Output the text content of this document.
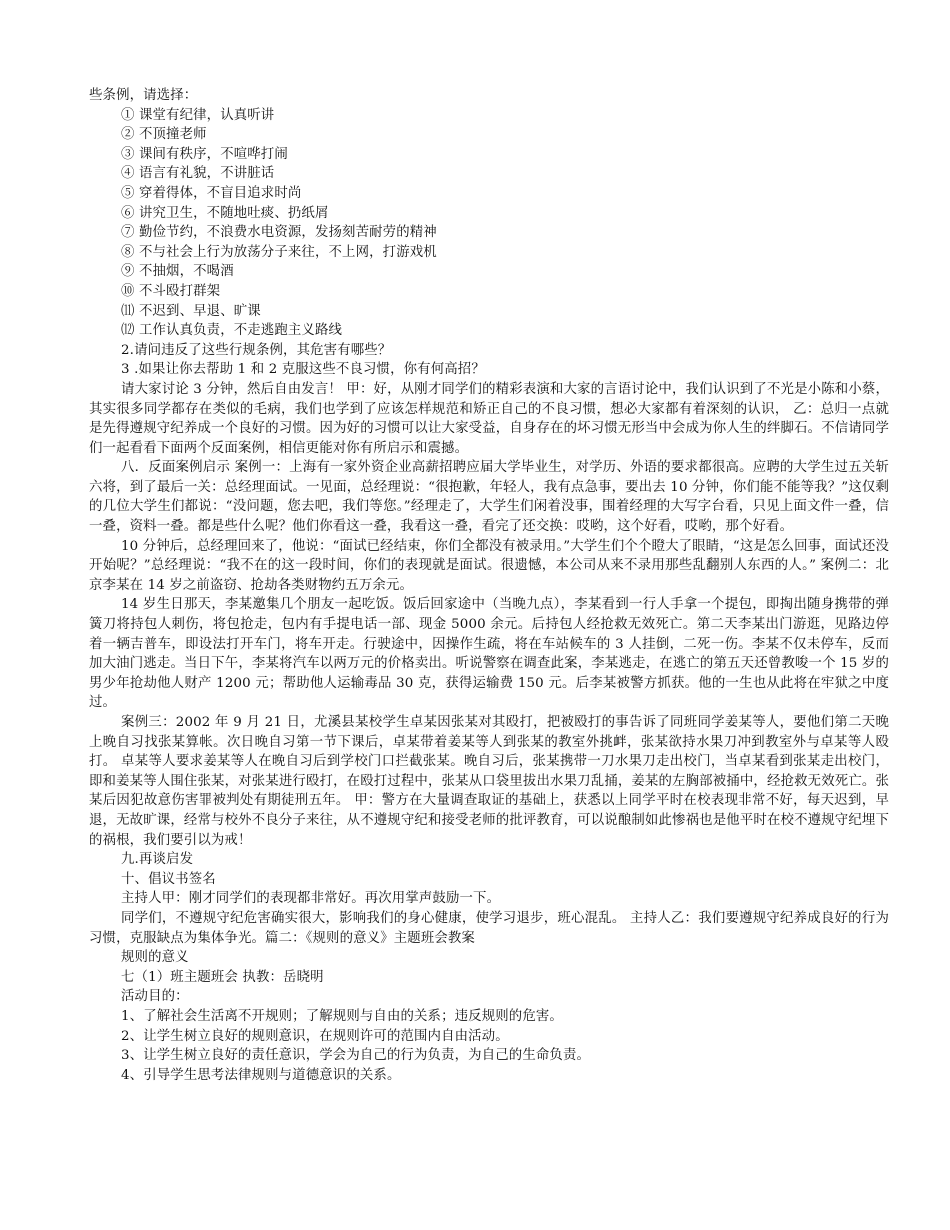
些条例，请选择：

① 课堂有纪律，认真听讲

② 不顶撞老师

③ 课间有秩序，不喧哗打闹

④ 语言有礼貌，不讲脏话

⑤ 穿着得体，不盲目追求时尚

⑥ 讲究卫生，不随地吐痰、扔纸屑

⑦ 勤俭节约，不浪费水电资源，发扬刻苦耐劳的精神

⑧ 不与社会上行为放荡分子来往，不上网，打游戏机

⑨ 不抽烟，不喝酒

⑩ 不斗殴打群架

⑾ 不迟到、早退、旷课

⑿ 工作认真负责，不走逃跑主义路线

2.请问违反了这些行规条例，其危害有哪些？

3 .如果让你去帮助 1 和 2 克服这些不良习惯，你有何高招？

请大家讨论 3 分钟，然后自由发言！ 甲：好，从刚才同学们的精彩表演和大家的言语讨论中，我们认识到了不光是小陈和小蔡，其实很多同学都存在类似的毛病，我们也学到了应该怎样规范和矫正自己的不良习惯，想必大家都有着深刻的认识， 乙：总归一点就是先得遵规守纪养成一个良好的习惯。因为好的习惯可以让大家受益，自身存在的坏习惯无形当中会成为你人生的绊脚石。不信请同学们一起看看下面两个反面案例，相信更能对你有所启示和震撼。

八．反面案例启示 案例一：上海有一家外资企业高薪招聘应届大学毕业生，对学历、外语的要求都很高。应聘的大学生过五关斩六将，到了最后一关：总经理面试。一见面，总经理说：“很抱歉，年轻人，我有点急事，要出去 10 分钟，你们能不能等我？”这仅剩的几位大学生们都说：“没问题，您去吧，我们等您。”经理走了，大学生们闲着没事，围着经理的大写字台看，只见上面文件一叠，信一叠，资料一叠。都是些什么呢？他们你看这一叠，我看这一叠，看完了还交换：哎哟，这个好看，哎哟，那个好看。

10 分钟后，总经理回来了，他说：“面试已经结束，你们全都没有被录用。”大学生们个个瞪大了眼睛，“这是怎么回事，面试还没开始呢？”总经理说：“我不在的这一段时间，你们的表现就是面试。很遗憾，本公司从来不录用那些乱翻别人东西的人。” 案例二：北京李某在 14 岁之前盗窃、抢劫各类财物约五万余元。

14 岁生日那天，李某邀集几个朋友一起吃饭。饭后回家途中（当晚九点），李某看到一行人手拿一个提包，即掏出随身携带的弹簧刀将持包人刺伤，将包抢走，包内有手提电话一部、现金 5000 余元。后持包人经抢救无效死亡。第二天李某出门游逛，见路边停着一辆吉普车，即设法打开车门，将车开走。行驶途中，因操作生疏，将在车站候车的 3 人挂倒，二死一伤。李某不仅未停车，反而加大油门逃走。当日下午，李某将汽车以两万元的价格卖出。听说警察在调查此案，李某逃走，在逃亡的第五天还曾教唆一个 15 岁的男少年抢劫他人财产 1200 元；帮助他人运输毒品 30 克，获得运输费 150 元。后李某被警方抓获。他的一生也从此将在牢狱之中度过。

案例三：2002 年 9 月 21 日，尤溪县某校学生卓某因张某对其殴打，把被殴打的事告诉了同班同学姜某等人，要他们第二天晚上晚自习找张某算帐。次日晚自习第一节下课后，卓某带着姜某等人到张某的教室外挑衅，张某欲持水果刀冲到教室外与卓某等人殴打。 卓某等人要求姜某等人在晚自习后到学校门口拦截张某。晚自习后，张某携带一刀水果刀走出校门，当卓某看到张某走出校门，即和姜某等人围住张某，对张某进行殴打，在殴打过程中，张某从口袋里拔出水果刀乱捅，姜某的左胸部被捅中，经抢救无效死亡。张某后因犯故意伤害罪被判处有期徒刑五年。 甲：警方在大量调查取证的基础上，获悉以上同学平时在校表现非常不好，每天迟到，早退，无故旷课，经常与校外不良分子来往，从不遵规守纪和接受老师的批评教育，可以说酿制如此惨祸也是他平时在校不遵规守纪埋下的祸根，我们要引以为戒！

九.再谈启发

十、倡议书签名

主持人甲：刚才同学们的表现都非常好。再次用掌声鼓励一下。

同学们，不遵规守纪危害确实很大，影响我们的身心健康，使学习退步，班心混乱。 主持人乙：我们要遵规守纪养成良好的行为习惯，克服缺点为集体争光。篇二：《规则的意义》主题班会教案

规则的意义

七（1）班主题班会 执教：岳晓明

活动目的：

1、了解社会生活离不开规则；了解规则与自由的关系；违反规则的危害。

2、让学生树立良好的规则意识，在规则许可的范围内自由活动。

3、让学生树立良好的责任意识，学会为自己的行为负责，为自己的生命负责。

4、引导学生思考法律规则与道德意识的关系。
